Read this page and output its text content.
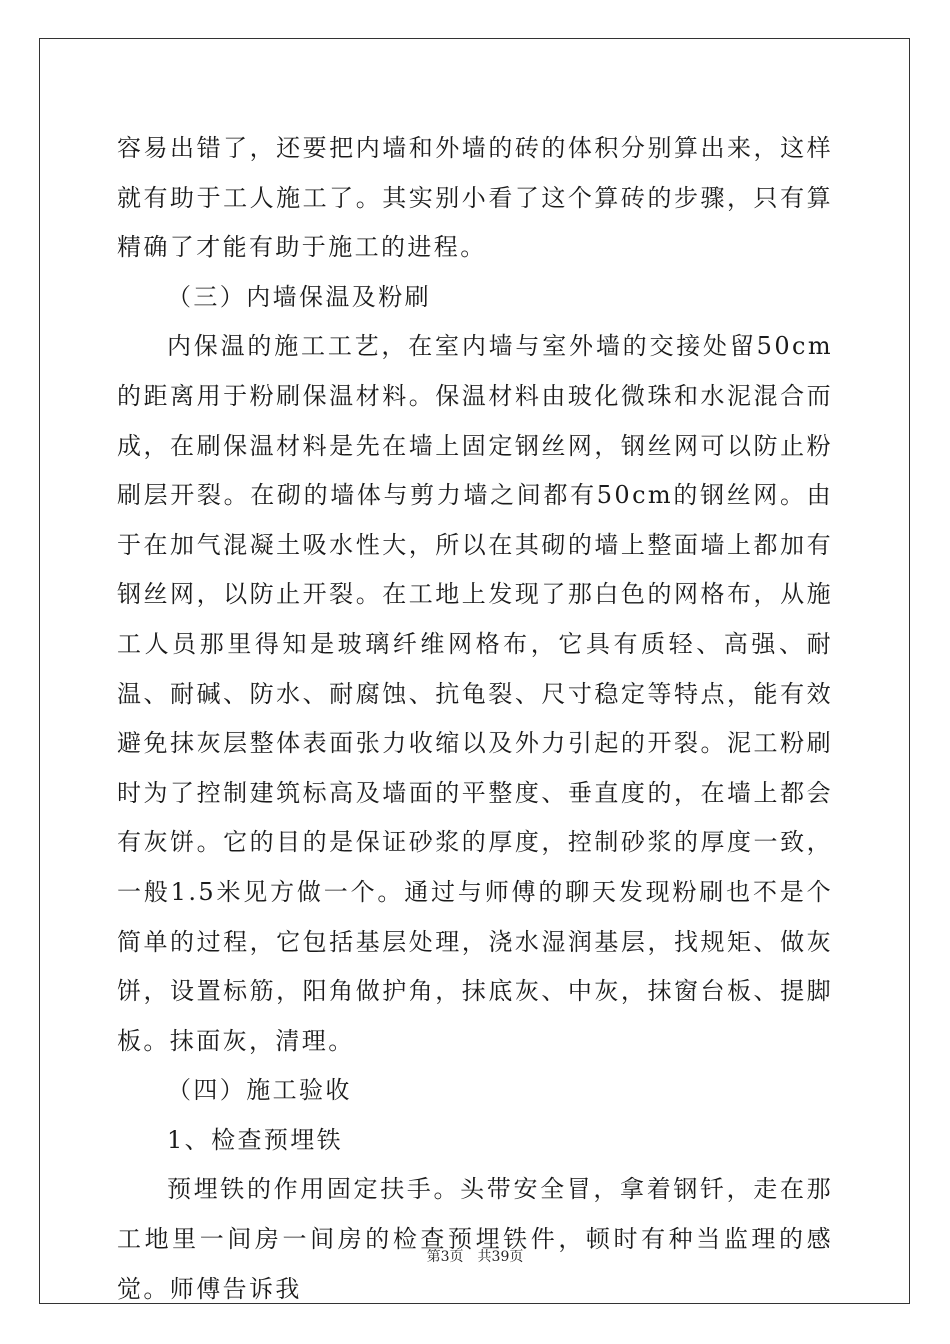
容易出错了，还要把内墙和外墙的砖的体积分别算出来，这样就有助于工人施工了。其实别小看了这个算砖的步骤，只有算精确了才能有助于施工的进程。

（三）内墙保温及粉刷

内保温的施工工艺，在室内墙与室外墙的交接处留50cm的距离用于粉刷保温材料。保温材料由玻化微珠和水泥混合而成，在刷保温材料是先在墙上固定钢丝网，钢丝网可以防止粉刷层开裂。在砌的墙体与剪力墙之间都有50cm的钢丝网。由于在加气混凝土吸水性大，所以在其砌的墙上整面墙上都加有钢丝网，以防止开裂。在工地上发现了那白色的网格布，从施工人员那里得知是玻璃纤维网格布，它具有质轻、高强、耐温、耐碱、防水、耐腐蚀、抗龟裂、尺寸稳定等特点，能有效避免抹灰层整体表面张力收缩以及外力引起的开裂。泥工粉刷时为了控制建筑标高及墙面的平整度、垂直度的，在墙上都会有灰饼。它的目的是保证砂浆的厚度，控制砂浆的厚度一致，一般1.5米见方做一个。通过与师傅的聊天发现粉刷也不是个简单的过程，它包括基层处理，浇水湿润基层，找规矩、做灰饼，设置标筋，阳角做护角，抹底灰、中灰，抹窗台板、提脚板。抹面灰，清理。

（四）施工验收

1、检查预埋铁

预埋铁的作用固定扶手。头带安全冒，拿着钢钎，走在那工地里一间房一间房的检查预埋铁件，顿时有种当监理的感觉。师傅告诉我

第3页 共39页
